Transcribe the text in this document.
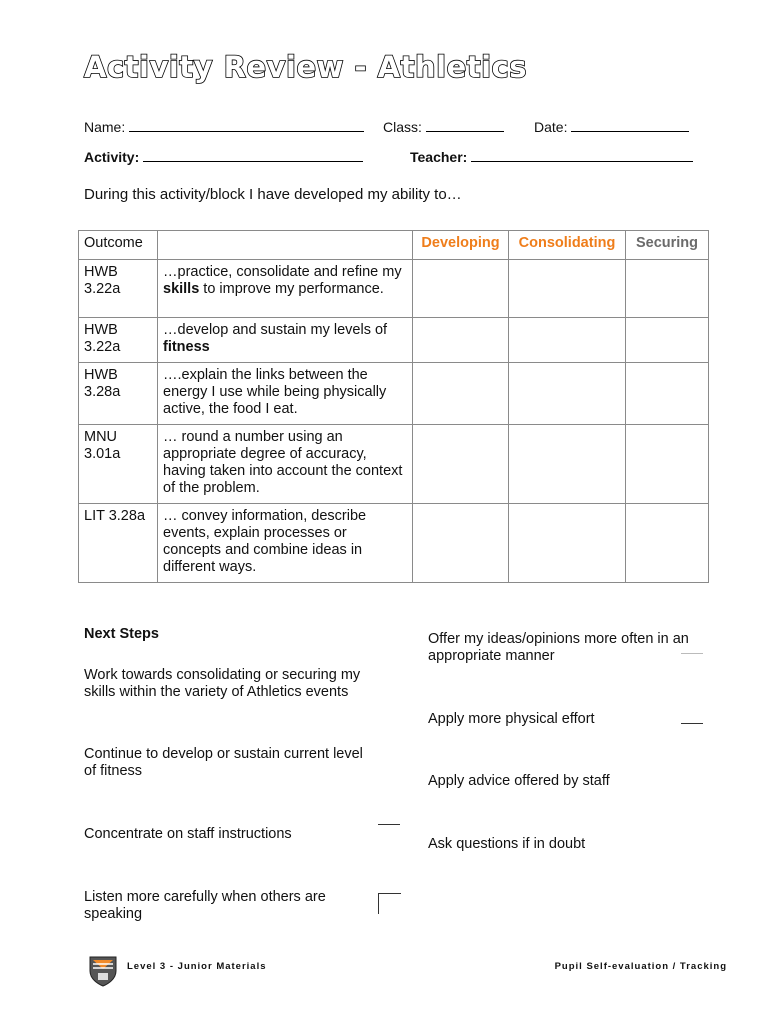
Activity Review - Athletics
Name:	Class:	Date:
Activity:	Teacher:
During this activity/block I have developed my ability to…
Outcome		Developing	Consolidating	Securing
HWB 3.22a	…practice, consolidate and refine my skills to improve my performance.			
HWB 3.22a	…develop and sustain my levels of fitness			
HWB 3.28a	….explain the links between the energy I use while being physically active, the food I eat.			
MNU 3.01a	… round a number using an appropriate degree of accuracy, having taken into account the context of the problem.			
LIT 3.28a	… convey information, describe events, explain processes or concepts and combine ideas in different ways.			
Next Steps
Work towards consolidating or securing my skills within the variety of Athletics events
Continue to develop or sustain current level of fitness
Concentrate on staff instructions
Listen more carefully when others are speaking
Offer my ideas/opinions more often in an appropriate manner
Apply more physical effort
Apply advice offered by staff
Ask questions if in doubt
Level 3 - Junior Materials	Pupil Self-evaluation / Tracking
